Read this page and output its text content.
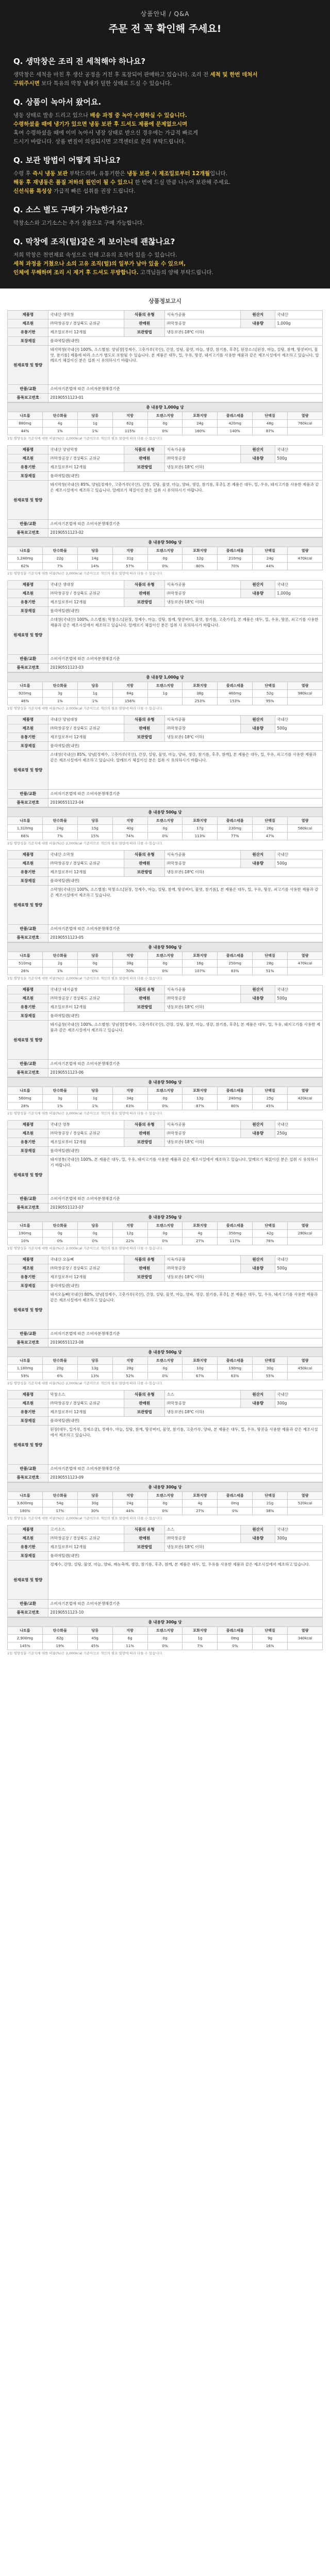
상품안내 / Q&A
주문 전 꼭 확인해 주세요!
Q. 생막창은 조리 전 세척해야 하나요?
생막창은 세척을 마친 후 생산 공정을 거친 후 포장되어 판매하고 있습니다. 조리 전 세척 및 한번 데쳐서
구워주시면 보다 특유의 막창 냄새가 덜한 상태로 드실 수 있습니다.
Q. 상품이 녹아서 왔어요.
냉동 상태로 발송 드리고 있으나 배송 과정 중 녹아 수령하실 수 있습니다.
수령하셨을 때에 냉기가 있으면 냉동 보관 후 드셔도 제품에 문제없으시며
혹여 수령하셨을 때에 이미 녹아서 냉장 상태로 받으신 경우에는 가급적 빠르게
드시기 바랍니다. 상품 변질이 의심되시면 고객센터로 문의 부탁드립니다.
Q. 보관 방법이 어떻게 되나요?
수령 후 즉시 냉동 보관 부탁드리며, 유통기한은 냉동 보관 시 제조일로부터 12개월입니다.
해동 후 재냉동은 품질 저하의 원인이 될 수 있으니 한 번에 드실 만큼 나누어 보관해 주세요.
신선식품 특성상 가급적 빠른 섭취를 권장 드립니다.
Q. 소스 별도 구매가 가능한가요?
막창소스와 고기소스는 추가 상품으로 구매 가능합니다.
Q. 막창에 조직(털)같은 게 보이는데 괜찮나요?
저희 막창은 천연재료 속성으로 인해 고유의 조직이 있을 수 있습니다.
세척 과정을 거쳤으나 소의 고유 조직(털)의 일부가 남아 있을 수 있으며,
인체에 무해하며 조리 시 제거 후 드셔도 무방합니다. 고객님들의 양해 부탁드립니다.
상품정보고시
제품명	국내산 생막창	식품의 유형	식육가공품	원산지	국내산
제조원	㈜막창공장 / 경상북도 군위군	판매원	㈜막창공장	내용량	1,000g
유통기한	제조일로부터 12개월	보관방법	냉동보관(-18℃ 이하)		
포장재질	폴리에틸렌(내면)				
원재료명 및 함량	돼지막창(국내산) 100%, 소스별첨: 양념장[정제수, 고춧가루(국산), 간장, 설탕, 물엿, 마늘, 생강, 참기름, 후추], 된장소스[된장, 마늘, 설탕, 참깨, 땅콩버터, 물엿, 참기름] 제품에 따라 소스가 별도로 포함될 수 있습니다. 본 제품은 대두, 밀, 우유, 땅콩, 돼지고기를 사용한 제품과 같은 제조시설에서 제조하고 있습니다. 알레르기 체질이신 분은 섭취 시 유의하시기 바랍니다.				
반품/교환	소비자기본법에 따른 소비자분쟁해결기준				
품목보고번호	20190551123-01				
총 내용량 1,000g 당
나트륨	탄수화물	당류	지방	트랜스지방	포화지방	콜레스테롤	단백질	열량
880mg	4g	1g	62g	0g	24g	420mg	48g	760kcal
44%	1%	1%	115%	0%	160%	140%	87%	
1일 영양성분 기준치에 대한 비율(%)은 2,000kcal 기준이므로 개인의 필요 열량에 따라 다를 수 있습니다.
제품명	국내산 양념막창	식품의 유형	식육가공품	원산지	국내산
제조원	㈜막창공장 / 경상북도 군위군	판매원	㈜막창공장	내용량	500g
유통기한	제조일로부터 12개월	보관방법	냉동보관(-18℃ 이하)		
포장재질	폴리에틸렌(내면)				
원재료명 및 함량	돼지막창(국내산) 85%, 양념[정제수, 고춧가루(국산), 간장, 설탕, 물엿, 마늘, 양파, 생강, 참기름, 후추], 본 제품은 대두, 밀, 우유, 돼지고기를 사용한 제품과 같은 제조시설에서 제조하고 있습니다. 알레르기 체질이신 분은 섭취 시 유의하시기 바랍니다.				
반품/교환	소비자기본법에 따른 소비자분쟁해결기준				
품목보고번호	20190551123-02				
총 내용량 500g 당
나트륨	탄수화물	당류	지방	트랜스지방	포화지방	콜레스테롤	단백질	열량
1,240mg	22g	14g	31g	0g	12g	210mg	24g	470kcal
62%	7%	14%	57%	0%	80%	70%	44%	
1일 영양성분 기준치에 대한 비율(%)은 2,000kcal 기준이므로 개인의 필요 열량에 따라 다를 수 있습니다.
제품명	국내산 생대창	식품의 유형	식육가공품	원산지	국내산
제조원	㈜막창공장 / 경상북도 군위군	판매원	㈜막창공장	내용량	1,000g
유통기한	제조일로부터 12개월	보관방법	냉동보관(-18℃ 이하)		
포장재질	폴리에틸렌(내면)				
원재료명 및 함량	소대창(국내산) 100%, 소스별첨: 막창소스[된장, 정제수, 마늘, 설탕, 참깨, 땅콩버터, 물엿, 참기름, 고춧가루], 본 제품은 대두, 밀, 우유, 땅콩, 쇠고기를 사용한 제품과 같은 제조시설에서 제조하고 있습니다. 알레르기 체질이신 분은 섭취 시 유의하시기 바랍니다.				
반품/교환	소비자기본법에 따른 소비자분쟁해결기준				
품목보고번호	20190551123-03				
총 내용량 1,000g 당
나트륨	탄수화물	당류	지방	트랜스지방	포화지방	콜레스테롤	단백질	열량
920mg	3g	1g	84g	1g	38g	460mg	52g	980kcal
46%	1%	1%	156%		253%	153%	95%	
1일 영양성분 기준치에 대한 비율(%)은 2,000kcal 기준이므로 개인의 필요 열량에 따라 다를 수 있습니다.
제품명	국내산 양념대창	식품의 유형	식육가공품	원산지	국내산
제조원	㈜막창공장 / 경상북도 군위군	판매원	㈜막창공장	내용량	500g
유통기한	제조일로부터 12개월	보관방법	냉동보관(-18℃ 이하)		
포장재질	폴리에틸렌(내면)				
원재료명 및 함량	소대창(국내산) 85%, 양념[정제수, 고춧가루(국산), 간장, 설탕, 물엿, 마늘, 양파, 생강, 참기름, 후추, 참깨], 본 제품은 대두, 밀, 우유, 쇠고기를 사용한 제품과 같은 제조시설에서 제조하고 있습니다. 알레르기 체질이신 분은 섭취 시 유의하시기 바랍니다.				
반품/교환	소비자기본법에 따른 소비자분쟁해결기준				
품목보고번호	20190551123-04				
총 내용량 500g 당
나트륨	탄수화물	당류	지방	트랜스지방	포화지방	콜레스테롤	단백질	열량
1,310mg	24g	15g	40g	0g	17g	230mg	26g	560kcal
66%	7%	15%	74%	0%	113%	77%	47%	
1일 영양성분 기준치에 대한 비율(%)은 2,000kcal 기준이므로 개인의 필요 열량에 따라 다를 수 있습니다.
제품명	국내산 소막창	식품의 유형	식육가공품	원산지	국내산
제조원	㈜막창공장 / 경상북도 군위군	판매원	㈜막창공장	내용량	500g
유통기한	제조일로부터 12개월	보관방법	냉동보관(-18℃ 이하)		
포장재질	폴리에틸렌(내면)				
원재료명 및 함량	소막창(국내산) 100%, 소스별첨: 막창소스[된장, 정제수, 마늘, 설탕, 참깨, 땅콩버터, 물엿, 참기름], 본 제품은 대두, 밀, 우유, 땅콩, 쇠고기를 사용한 제품과 같은 제조시설에서 제조하고 있습니다.				
반품/교환	소비자기본법에 따른 소비자분쟁해결기준				
품목보고번호	20190551123-05				
총 내용량 500g 당
나트륨	탄수화물	당류	지방	트랜스지방	포화지방	콜레스테롤	단백질	열량
510mg	2g	0g	38g	0g	16g	250mg	28g	470kcal
26%	1%	0%	70%	0%	107%	83%	51%	
1일 영양성분 기준치에 대한 비율(%)은 2,000kcal 기준이므로 개인의 필요 열량에 따라 다를 수 있습니다.
제품명	국내산 돼지곱창	식품의 유형	식육가공품	원산지	국내산
제조원	㈜막창공장 / 경상북도 군위군	판매원	㈜막창공장	내용량	500g
유통기한	제조일로부터 12개월	보관방법	냉동보관(-18℃ 이하)		
포장재질	폴리에틸렌(내면)				
원재료명 및 함량	돼지곱창(국내산) 100%, 소스별첨: 양념장[정제수, 고춧가루(국산), 간장, 설탕, 물엿, 마늘, 생강, 참기름, 후추], 본 제품은 대두, 밀, 우유, 돼지고기를 사용한 제품과 같은 제조시설에서 제조하고 있습니다.				
반품/교환	소비자기본법에 따른 소비자분쟁해결기준				
품목보고번호	20190551123-06				
총 내용량 500g 당
나트륨	탄수화물	당류	지방	트랜스지방	포화지방	콜레스테롤	단백질	열량
560mg	3g	1g	34g	0g	13g	240mg	25g	420kcal
28%	1%	1%	63%	0%	87%	80%	45%	
1일 영양성분 기준치에 대한 비율(%)은 2,000kcal 기준이므로 개인의 필요 열량에 따라 다를 수 있습니다.
제품명	국내산 염통	식품의 유형	식육가공품	원산지	국내산
제조원	㈜막창공장 / 경상북도 군위군	판매원	㈜막창공장	내용량	250g
유통기한	제조일로부터 12개월	보관방법	냉동보관(-18℃ 이하)		
포장재질	폴리에틸렌(내면)				
원재료명 및 함량	돼지염통(국내산) 100%, 본 제품은 대두, 밀, 우유, 돼지고기를 사용한 제품과 같은 제조시설에서 제조하고 있습니다. 알레르기 체질이신 분은 섭취 시 유의하시기 바랍니다.				
반품/교환	소비자기본법에 따른 소비자분쟁해결기준				
품목보고번호	20190551123-07				
총 내용량 250g 당
나트륨	탄수화물	당류	지방	트랜스지방	포화지방	콜레스테롤	단백질	열량
190mg	0g	0g	12g	0g	4g	350mg	42g	280kcal
10%	0%	0%	22%	0%	27%	117%	76%	
1일 영양성분 기준치에 대한 비율(%)은 2,000kcal 기준이므로 개인의 필요 열량에 따라 다를 수 있습니다.
제품명	국내산 오돌뼈	식품의 유형	식육가공품	원산지	국내산
제조원	㈜막창공장 / 경상북도 군위군	판매원	㈜막창공장	내용량	500g
유통기한	제조일로부터 12개월	보관방법	냉동보관(-18℃ 이하)		
포장재질	폴리에틸렌(내면)				
원재료명 및 함량	돼지오돌뼈(국내산) 80%, 양념[정제수, 고춧가루(국산), 간장, 설탕, 물엿, 마늘, 양파, 생강, 참기름, 후추], 본 제품은 대두, 밀, 우유, 돼지고기를 사용한 제품과 같은 제조시설에서 제조하고 있습니다.				
반품/교환	소비자기본법에 따른 소비자분쟁해결기준				
품목보고번호	20190551123-08				
총 내용량 500g 당
나트륨	탄수화물	당류	지방	트랜스지방	포화지방	콜레스테롤	단백질	열량
1,180mg	20g	13g	28g	0g	10g	190mg	30g	450kcal
59%	6%	13%	52%	0%	67%	63%	55%	
1일 영양성분 기준치에 대한 비율(%)은 2,000kcal 기준이므로 개인의 필요 열량에 따라 다를 수 있습니다.
제품명	막창소스	식품의 유형	소스	원산지	국내산
제조원	㈜막창공장 / 경상북도 군위군	판매원	㈜막창공장	내용량	300g
유통기한	제조일로부터 12개월	보관방법	냉동보관(-18℃ 이하)		
포장재질	폴리에틸렌(내면)				
원재료명 및 함량	된장(대두, 밀가루, 정제소금), 정제수, 마늘, 설탕, 참깨, 땅콩버터, 물엿, 참기름, 고춧가루, 양파, 본 제품은 대두, 밀, 우유, 땅콩을 사용한 제품과 같은 제조시설에서 제조하고 있습니다.				
반품/교환	소비자기본법에 따른 소비자분쟁해결기준				
품목보고번호	20190551123-09				
총 내용량 300g 당
나트륨	탄수화물	당류	지방	트랜스지방	포화지방	콜레스테롤	단백질	열량
3,600mg	54g	30g	24g	0g	4g	0mg	21g	520kcal
180%	17%	30%	44%	0%	27%	0%	38%	
1일 영양성분 기준치에 대한 비율(%)은 2,000kcal 기준이므로 개인의 필요 열량에 따라 다를 수 있습니다.
제품명	고기소스	식품의 유형	소스	원산지	국내산
제조원	㈜막창공장 / 경상북도 군위군	판매원	㈜막창공장	내용량	300g
유통기한	제조일로부터 12개월	보관방법	냉동보관(-18℃ 이하)		
포장재질	폴리에틸렌(내면)				
원재료명 및 함량	정제수, 간장, 설탕, 물엿, 마늘, 양파, 배농축액, 생강, 참기름, 후추, 참깨, 본 제품은 대두, 밀, 우유를 사용한 제품과 같은 제조시설에서 제조하고 있습니다.				
반품/교환	소비자기본법에 따른 소비자분쟁해결기준				
품목보고번호	20190551123-10				
총 내용량 300g 당
나트륨	탄수화물	당류	지방	트랜스지방	포화지방	콜레스테롤	단백질	열량
2,900mg	62g	45g	6g	0g	1g	0mg	9g	340kcal
145%	19%	45%	11%	0%	7%	0%	16%	
1일 영양성분 기준치에 대한 비율(%)은 2,000kcal 기준이므로 개인의 필요 열량에 따라 다를 수 있습니다.
